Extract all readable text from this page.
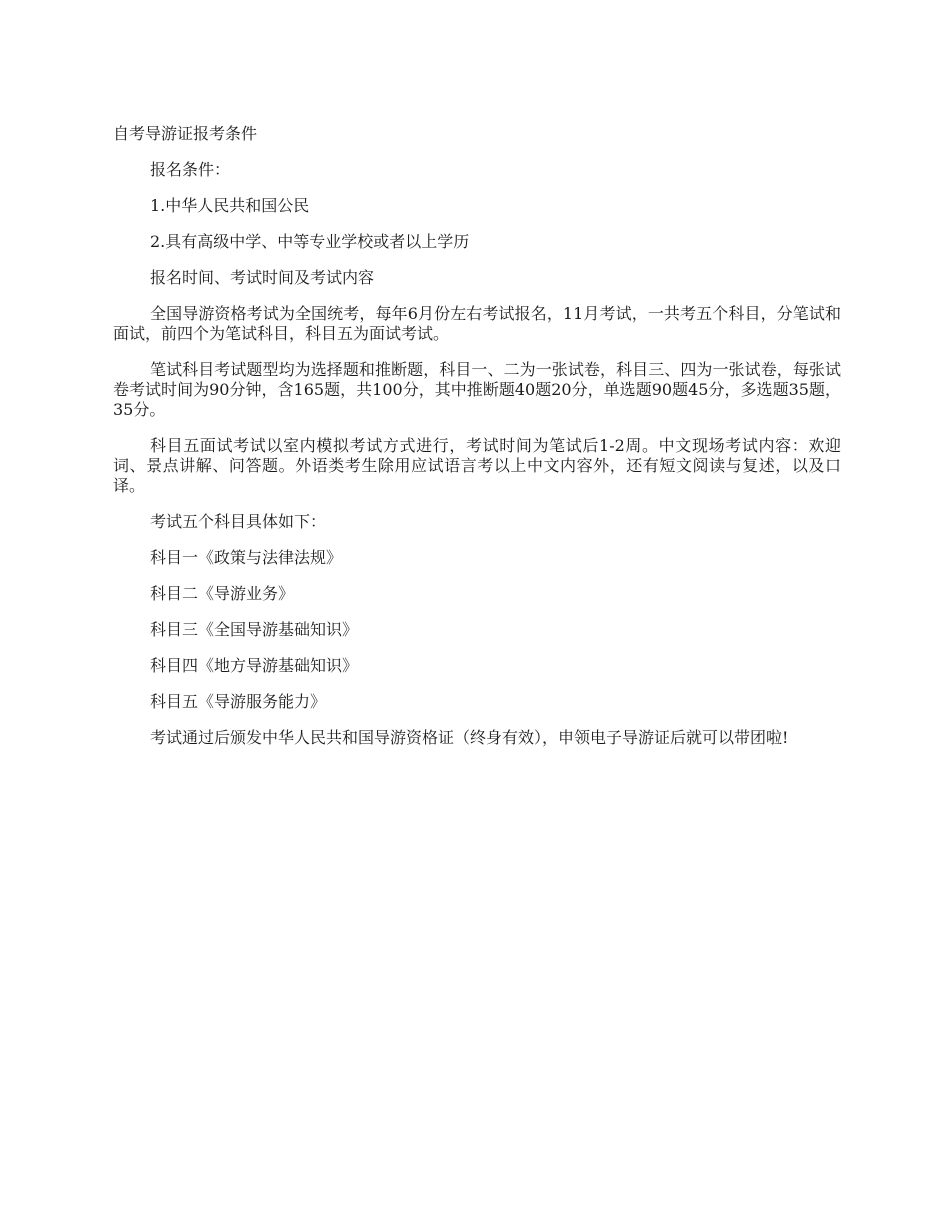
自考导游证报考条件

报名条件：

1.中华人民共和国公民

2.具有高级中学、中等专业学校或者以上学历

报名时间、考试时间及考试内容

全国导游资格考试为全国统考，每年6月份左右考试报名，11月考试，一共考五个科目，分笔试和面试，前四个为笔试科目，科目五为面试考试。

笔试科目考试题型均为选择题和推断题，科目一、二为一张试卷，科目三、四为一张试卷，每张试卷考试时间为90分钟，含165题，共100分，其中推断题40题20分，单选题90题45分，多选题35题，35分。

科目五面试考试以室内模拟考试方式进行，考试时间为笔试后1-2周。中文现场考试内容：欢迎词、景点讲解、问答题。外语类考生除用应试语言考以上中文内容外，还有短文阅读与复述，以及口译。

考试五个科目具体如下：

科目一《政策与法律法规》

科目二《导游业务》

科目三《全国导游基础知识》

科目四《地方导游基础知识》

科目五《导游服务能力》

考试通过后颁发中华人民共和国导游资格证（终身有效），申领电子导游证后就可以带团啦!
